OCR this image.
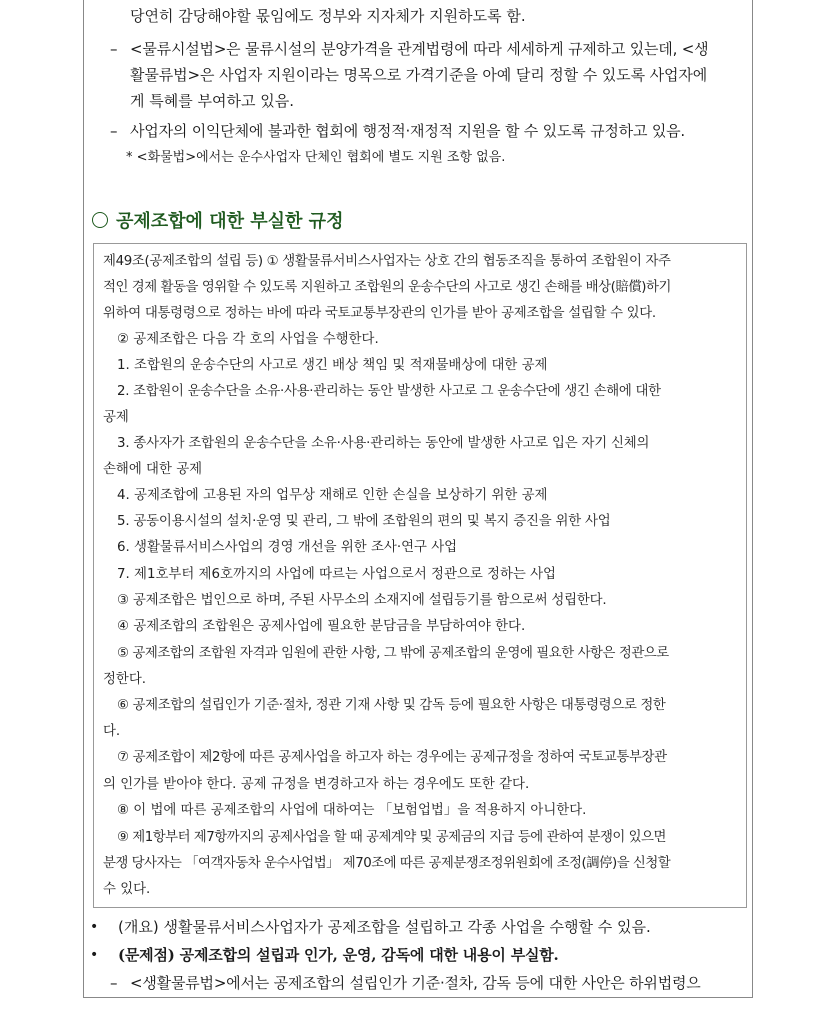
당연히 감당해야할 몫임에도 정부와 지자체가 지원하도록 함.
– <물류시설법>은 물류시설의 분양가격을 관계법령에 따라 세세하게 규제하고 있는데, <생
활물류법>은 사업자 지원이라는 명목으로 가격기준을 아예 달리 정할 수 있도록 사업자에
게 특혜를 부여하고 있음.
– 사업자의 이익단체에 불과한 협회에 행정적·재정적 지원을 할 수 있도록 규정하고 있음.
* <화물법>에서는 운수사업자 단체인 협회에 별도 지원 조항 없음.
공제조합에 대한 부실한 규정
제49조(공제조합의 설립 등) ① 생활물류서비스사업자는 상호 간의 협동조직을 통하여 조합원이 자주
적인 경제 활동을 영위할 수 있도록 지원하고 조합원의 운송수단의 사고로 생긴 손해를 배상(賠償)하기
위하여 대통령령으로 정하는 바에 따라 국토교통부장관의 인가를 받아 공제조합을 설립할 수 있다.
② 공제조합은 다음 각 호의 사업을 수행한다.
1. 조합원의 운송수단의 사고로 생긴 배상 책임 및 적재물배상에 대한 공제
2. 조합원이 운송수단을 소유·사용·관리하는 동안 발생한 사고로 그 운송수단에 생긴 손해에 대한
공제
3. 종사자가 조합원의 운송수단을 소유·사용·관리하는 동안에 발생한 사고로 입은 자기 신체의
손해에 대한 공제
4. 공제조합에 고용된 자의 업무상 재해로 인한 손실을 보상하기 위한 공제
5. 공동이용시설의 설치·운영 및 관리, 그 밖에 조합원의 편의 및 복지 증진을 위한 사업
6. 생활물류서비스사업의 경영 개선을 위한 조사·연구 사업
7. 제1호부터 제6호까지의 사업에 따르는 사업으로서 정관으로 정하는 사업
③ 공제조합은 법인으로 하며, 주된 사무소의 소재지에 설립등기를 함으로써 성립한다.
④ 공제조합의 조합원은 공제사업에 필요한 분담금을 부담하여야 한다.
⑤ 공제조합의 조합원 자격과 임원에 관한 사항, 그 밖에 공제조합의 운영에 필요한 사항은 정관으로
정한다.
⑥ 공제조합의 설립인가 기준·절차, 정관 기재 사항 및 감독 등에 필요한 사항은 대통령령으로 정한
다.
⑦ 공제조합이 제2항에 따른 공제사업을 하고자 하는 경우에는 공제규정을 정하여 국토교통부장관
의 인가를 받아야 한다. 공제 규정을 변경하고자 하는 경우에도 또한 같다.
⑧ 이 법에 따른 공제조합의 사업에 대하여는 「보험업법」을 적용하지 아니한다.
⑨ 제1항부터 제7항까지의 공제사업을 할 때 공제계약 및 공제금의 지급 등에 관하여 분쟁이 있으면
분쟁 당사자는 「여객자동차 운수사업법」 제70조에 따른 공제분쟁조정위원회에 조정(調停)을 신청할
수 있다.
• (개요) 생활물류서비스사업자가 공제조합을 설립하고 각종 사업을 수행할 수 있음.
• (문제점) 공제조합의 설립과 인가, 운영, 감독에 대한 내용이 부실함.
– <생활물류법>에서는 공제조합의 설립인가 기준·절차, 감독 등에 대한 사안은 하위법령으
